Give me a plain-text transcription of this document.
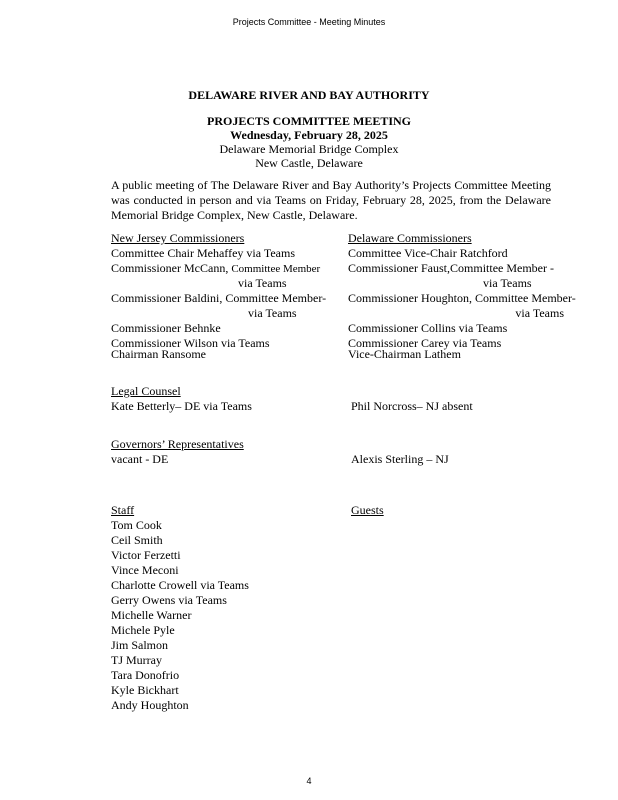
Projects Committee - Meeting Minutes
DELAWARE RIVER AND BAY AUTHORITY
PROJECTS COMMITTEE MEETING
Wednesday, February 28, 2025
Delaware Memorial Bridge Complex
New Castle, Delaware
A public meeting of The Delaware River and Bay Authority’s Projects Committee Meeting was conducted in person and via Teams on Friday, February 28, 2025, from the Delaware Memorial Bridge Complex, New Castle, Delaware.
New Jersey Commissioners
Committee Chair Mehaffey via Teams
Commissioner McCann, Committee Member
via Teams
Commissioner Baldini, Committee Member-
via Teams
Commissioner Behnke
Commissioner Wilson via Teams
Chairman Ransome
Delaware Commissioners
Committee Vice-Chair Ratchford
Commissioner Faust,Committee Member -
via Teams
Commissioner Houghton, Committee Member-
via Teams
Commissioner Collins via Teams
Commissioner Carey via Teams
Vice-Chairman Lathem
Legal Counsel
Kate Betterly– DE via Teams	Phil Norcross– NJ absent
Governors’ Representatives
vacant - DE	Alexis Sterling – NJ
Staff
Tom Cook
Ceil Smith
Victor Ferzetti
Vince Meconi
Charlotte Crowell via Teams
Gerry Owens via Teams
Michelle Warner
Michele Pyle
Jim Salmon
TJ Murray
Tara Donofrio
Kyle Bickhart
Andy Houghton
Guests
4
